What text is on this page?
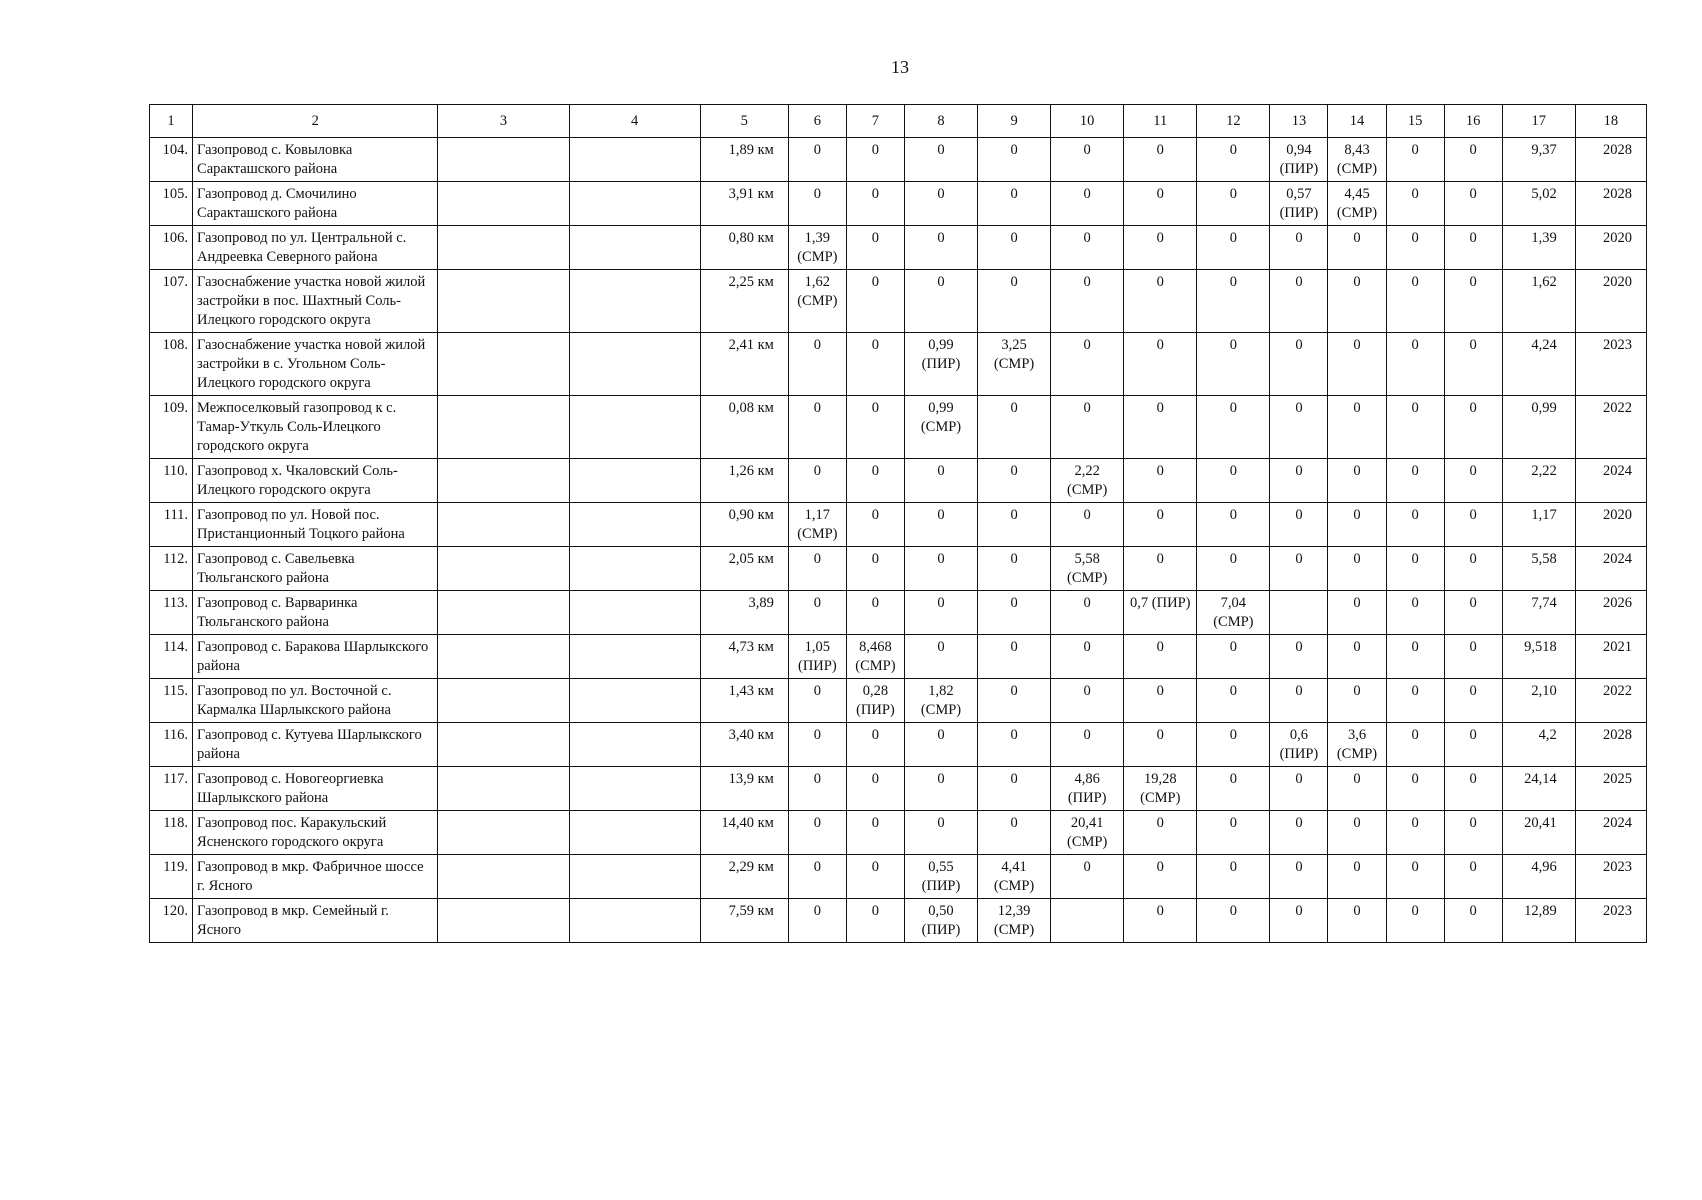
13
1	2	3	4	5	6	7	8	9	10	11	12	13	14	15	16	17	18
104.	Газопровод с. Ковыловка Саракташского района			1,89 км	0	0	0	0	0	0	0	0,94 (ПИР)	8,43 (СМР)	0	0	9,37	2028
105.	Газопровод д. Смочилино Саракташского района			3,91 км	0	0	0	0	0	0	0	0,57 (ПИР)	4,45 (СМР)	0	0	5,02	2028
106.	Газопровод по ул. Центральной с. Андреевка Северного района			0,80 км	1,39 (СМР)	0	0	0	0	0	0	0	0	0	0	1,39	2020
107.	Газоснабжение участка новой жилой застройки в пос. Шахтный Соль-Илецкого городского округа			2,25 км	1,62 (СМР)	0	0	0	0	0	0	0	0	0	0	1,62	2020
108.	Газоснабжение участка новой жилой застройки в с. Угольном Соль-Илецкого городского округа			2,41 км	0	0	0,99 (ПИР)	3,25 (СМР)	0	0	0	0	0	0	0	4,24	2023
109.	Межпоселковый газопровод к с. Тамар-Уткуль Соль-Илецкого городского округа			0,08 км	0	0	0,99 (СМР)	0	0	0	0	0	0	0	0	0,99	2022
110.	Газопровод х. Чкаловский Соль-Илецкого городского округа			1,26 км	0	0	0	0	2,22 (СМР)	0	0	0	0	0	0	2,22	2024
111.	Газопровод по ул. Новой пос. Пристанционный Тоцкого района			0,90 км	1,17 (СМР)	0	0	0	0	0	0	0	0	0	0	1,17	2020
112.	Газопровод с. Савельевка Тюльганского района			2,05 км	0	0	0	0	5,58 (СМР)	0	0	0	0	0	0	5,58	2024
113.	Газопровод с. Варваринка Тюльганского района			3,89	0	0	0	0	0	0,7 (ПИР)	7,04 (СМР)		0	0	0	7,74	2026
114.	Газопровод с. Баракова Шарлыкского района			4,73 км	1,05 (ПИР)	8,468 (СМР)	0	0	0	0	0	0	0	0	0	9,518	2021
115.	Газопровод по ул. Восточной с. Кармалка Шарлыкского района			1,43 км	0	0,28 (ПИР)	1,82 (СМР)	0	0	0	0	0	0	0	0	2,10	2022
116.	Газопровод с. Кутуева Шарлыкского района			3,40 км	0	0	0	0	0	0	0	0,6 (ПИР)	3,6 (СМР)	0	0	4,2	2028
117.	Газопровод с. Новогеоргиевка Шарлыкского района			13,9 км	0	0	0	0	4,86 (ПИР)	19,28 (СМР)	0	0	0	0	0	24,14	2025
118.	Газопровод пос. Каракульский Ясненского городского округа			14,40 км	0	0	0	0	20,41 (СМР)	0	0	0	0	0	0	20,41	2024
119.	Газопровод в мкр. Фабричное шоссе г. Ясного			2,29 км	0	0	0,55 (ПИР)	4,41 (СМР)	0	0	0	0	0	0	0	4,96	2023
120.	Газопровод в мкр. Семейный г. Ясного			7,59 км	0	0	0,50 (ПИР)	12,39 (СМР)		0	0	0	0	0	0	12,89	2023
